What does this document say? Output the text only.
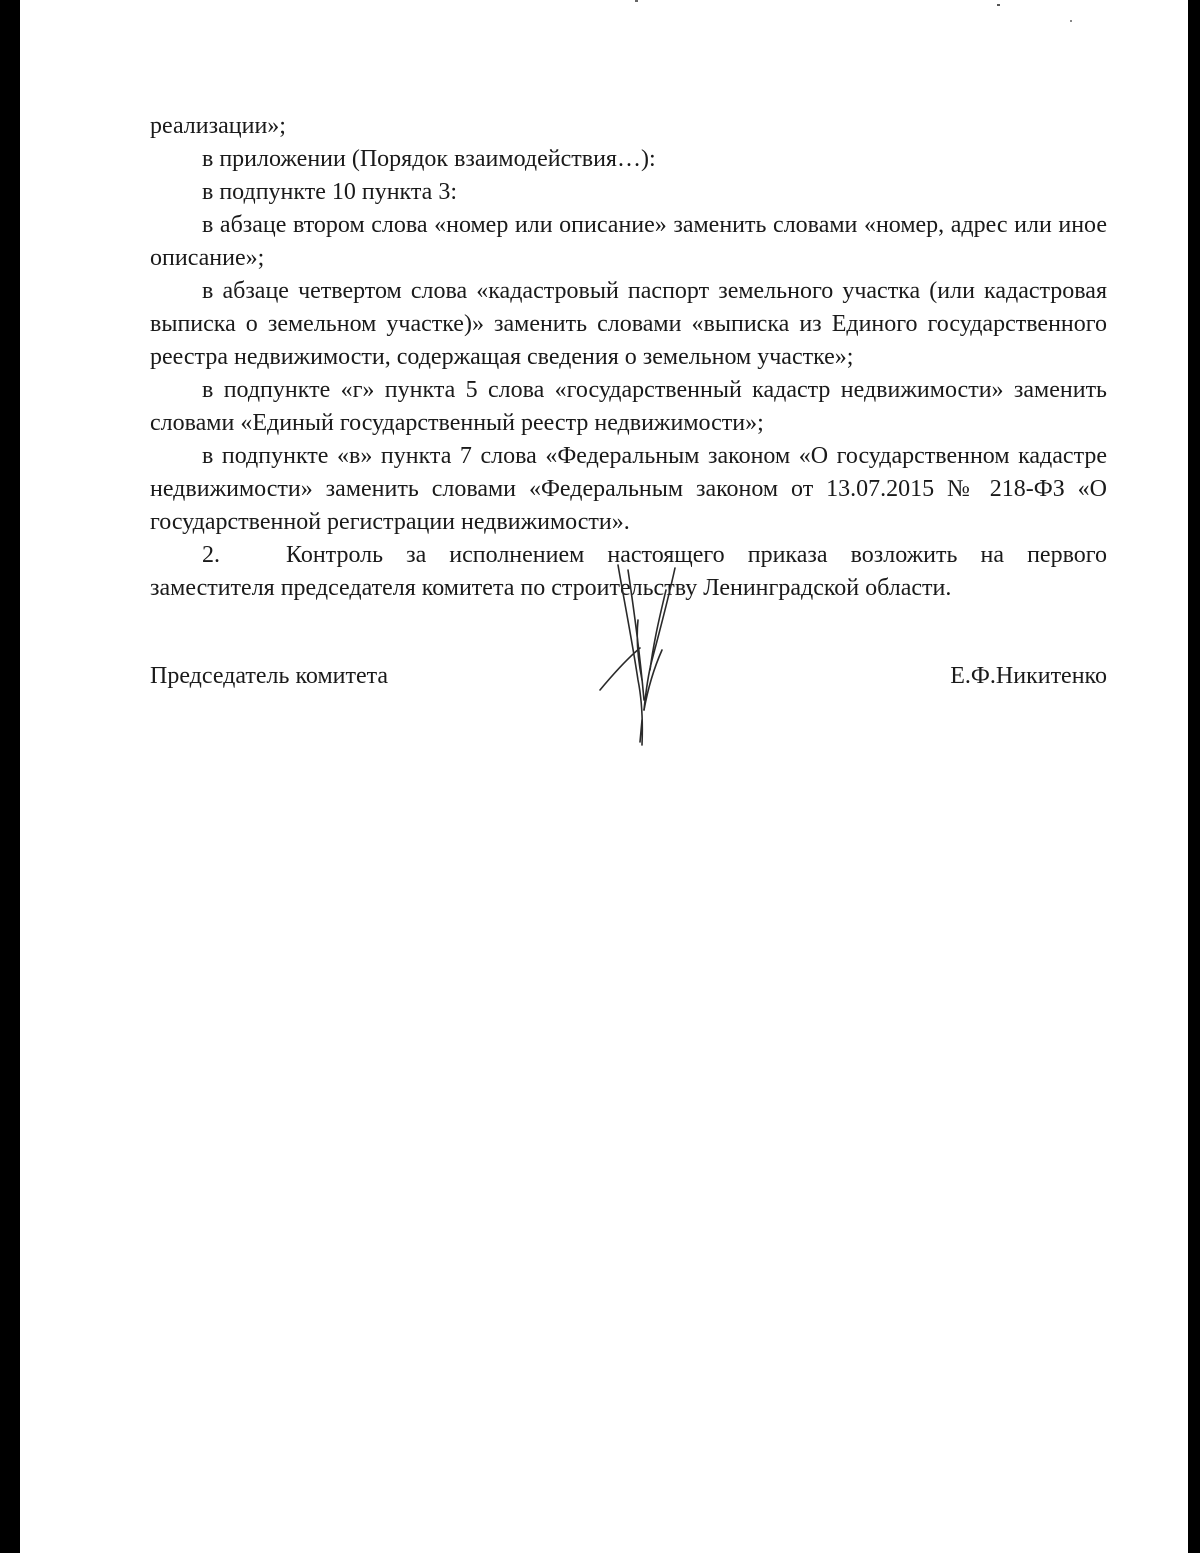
реализации»;

в приложении (Порядок взаимодействия…):

в подпункте 10 пункта 3:

в абзаце втором слова «номер или описание» заменить словами «номер, адрес или иное описание»;

в абзаце четвертом слова «кадастровый паспорт земельного участка (или кадастровая выписка о земельном участке)» заменить словами «выписка из Единого государственного реестра недвижимости, содержащая сведения о земельном участке»;

в подпункте «г» пункта 5 слова «государственный кадастр недвижимости» заменить словами «Единый государственный реестр недвижимости»;

в подпункте «в» пункта 7 слова «Федеральным законом «О государственном кадастре недвижимости» заменить словами «Федеральным законом от 13.07.2015 № 218-ФЗ «О государственной регистрации недвижимости».

2.	Контроль за исполнением настоящего приказа возложить на первого заместителя председателя комитета по строительству Ленинградской области.

Председатель комитета	Е.Ф.Никитенко
